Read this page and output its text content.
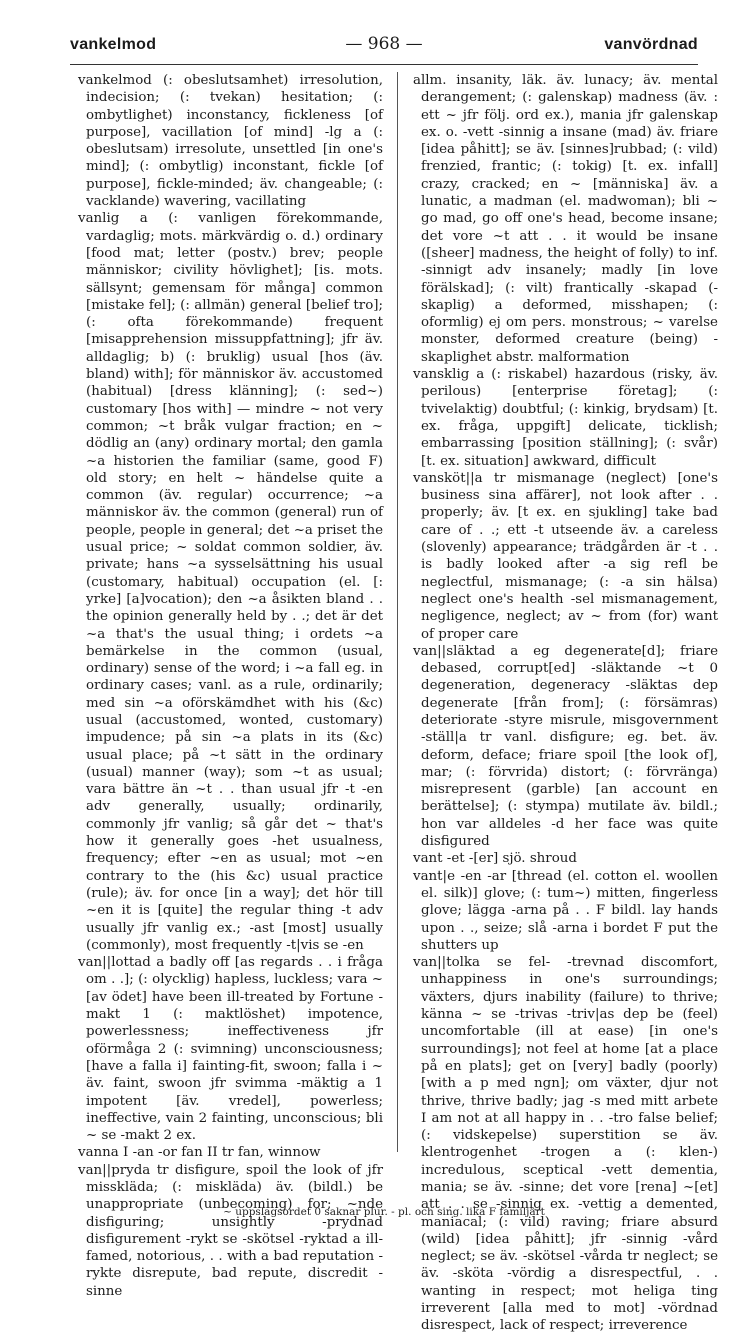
vankelmod	— 968 —	vanvördnad

vankelmod (: obeslutsamhet) irresolution, indecision; (: tvekan) hesitation; (: ombytlighet) inconstancy, fickleness [of purpose], vacillation [of mind] -lg a (: obeslutsam) irresolute, unsettled [in one's mind]; (: ombytlig) inconstant, fickle [of purpose], fickle-minded; äv. changeable; (: vacklande) wavering, vacillating

vanlig a (: vanligen förekommande, vardaglig; mots. märkvärdig o. d.) ordinary [food mat; letter (postv.) brev; people människor; civility hövlighet]; [is. mots. sällsynt; gemensam för många] common [mistake fel]; (: allmän) general [belief tro]; (: ofta förekommande) frequent [misapprehension missuppfattning]; jfr äv. alldaglig; b) (: bruklig) usual [hos (äv. bland) with]; för människor äv. accustomed (habitual) [dress klänning]; (: sed~) customary [hos with] — mindre ~ not very common; ~t bråk vulgar fraction; en ~ dödlig an (any) ordinary mortal; den gamla ~a historien the familiar (same, good F) old story; en helt ~ händelse quite a common (äv. regular) occurrence; ~a människor äv. the common (general) run of people, people in general; det ~a priset the usual price; ~ soldat common soldier, äv. private; hans ~a sysselsättning his usual (customary, habitual) occupation (el. [: yrke] [a]vocation); den ~a åsikten bland . . the opinion generally held by . .; det är det ~a that's the usual thing; i ordets ~a bemärkelse in the common (usual, ordinary) sense of the word; i ~a fall eg. in ordinary cases; vanl. as a rule, ordinarily; med sin ~a oförskämdhet with his (&c) usual (accustomed, wonted, customary) impudence; på sin ~a plats in its (&c) usual place; på ~t sätt in the ordinary (usual) manner (way); som ~t as usual; vara bättre än ~t . . than usual jfr -t -en adv generally, usually; ordinarily, commonly jfr vanlig; så går det ~ that's how it generally goes -het usualness, frequency; efter ~en as usual; mot ~en contrary to the (his &c) usual practice (rule); äv. for once [in a way]; det hör till ~en it is [quite] the regular thing -t adv usually jfr vanlig ex.; -ast [most] usually (commonly), most frequently -t|vis se -en

van||lottad a badly off [as regards . . i fråga om . .]; (: olycklig) hapless, luckless; vara ~ [av ödet] have been ill-treated by Fortune -makt 1 (: maktlöshet) impotence, powerlessness; ineffectiveness jfr oförmåga 2 (: svimning) unconsciousness; [have a falla i] fainting-fit, swoon; falla i ~ äv. faint, swoon jfr svimma -mäktig a 1 impotent [äv. vredel], powerless; ineffective, vain 2 fainting, unconscious; bli ~ se -makt 2 ex.

vanna I -an -or fan II tr fan, winnow

van||pryda tr disfigure, spoil the look of jfr misskläda; (: misklädа) äv. (bildl.) be unappropriate (unbecoming) for; ~nde disfiguring; unsightly -prydnad disfigurement -rykt se -skötsel -ryktad a ill-famed, notorious, . . with a bad reputation -rykte disrepute, bad repute, discredit -sinne

allm. insanity, läk. äv. lunacy; äv. mental derangement; (: galenskap) madness (äv. : ett ~ jfr följ. ord ex.), mania jfr galenskap ex. o. -vett -sinnig a insane (mad) äv. friare [idea påhitt]; se äv. [sinnes]rubbad; (: vild) frenzied, frantic; (: tokig) [t. ex. infall] crazy, cracked; en ~ [människa] äv. a lunatic, a madman (el. madwoman); bli ~ go mad, go off one's head, become insane; det vore ~t att . . it would be insane ([sheer] madness, the height of folly) to inf. -sinnigt adv insanely; madly [in love förälskad]; (: vilt) frantically -skapad (-skaplig) a deformed, misshapen; (: oformlig) ej om pers. monstrous; ~ varelse monster, deformed creature (being) -skaplighet abstr. malformation

vansklig a (: riskabel) hazardous (risky, äv. perilous) [enterprise företag]; (: tvivelaktig) doubtful; (: kinkig, brydsam) [t. ex. fråga, uppgift] delicate, ticklish; embarrassing [position ställning]; (: svår) [t. ex. situation] awkward, difficult

vansköt||a tr mismanage (neglect) [one's business sina affärer], not look after . . properly; äv. [t ex. en sjukling] take bad care of . .; ett -t utseende äv. a careless (slovenly) appearance; trädgården är -t . . is badly looked after -a sig refl be neglectful, mismanage; (: -a sin hälsa) neglect one's health -sel mismanagement, negligence, neglect; av ~ from (for) want of proper care

van||släktad a eg degenerate[d]; friare debased, corrupt[ed] -släktande ~t 0 degeneration, degeneracy -släktas dep degenerate [från from]; (: försämras) deteriorate -styre misrule, misgovernment -ställ|a tr vanl. disfigure; eg. bet. äv. deform, deface; friare spoil [the look of], mar; (: förvrida) distort; (: förvränga) misrepresent (garble) [an account en berättelse]; (: stympa) mutilate äv. bildl.; hon var alldeles -d her face was quite disfigured

vant -et -[er] sjö. shroud

vant|e -en -ar [thread (el. cotton el. woollen el. silk)] glove; (: tum~) mitten, fingerless glove; lägga -arna på . . F bildl. lay hands upon . ., seize; slå -arna i bordet F put the shutters up

van||tolka se fel- -trevnad discomfort, unhappiness in one's surroundings; växters, djurs inability (failure) to thrive; känna ~ se -trivas -triv|as dep be (feel) uncomfortable (ill at ease) [in one's surroundings]; not feel at home [at a place på en plats]; get on [very] badly (poorly) [with a p med ngn]; om växter, djur not thrive, thrive badly; jag -s med mitt arbete I am not at all happy in . . -tro false belief; (: vidskepelse) superstition se äv. klentrogenhet -trogen a (: klen-) incredulous, sceptical -vett dementia, mania; se äv. -sinne; det vore [rena] ~[et] att . . se -sinnig ex. -vettig a demented, maniacal; (: vild) raving; friare absurd (wild) [idea påhitt]; jfr -sinnig -vård neglect; se äv. -skötsel -vårda tr neglect; se äv. -sköta -vördig a disrespectful, . . wanting in respect; mot heliga ting irreverent [alla med to mot] -vördnad disrespect, lack of respect; irreverence

~ uppslagsordet 0 saknar plur. - pl. och sing. lika F familjärt
